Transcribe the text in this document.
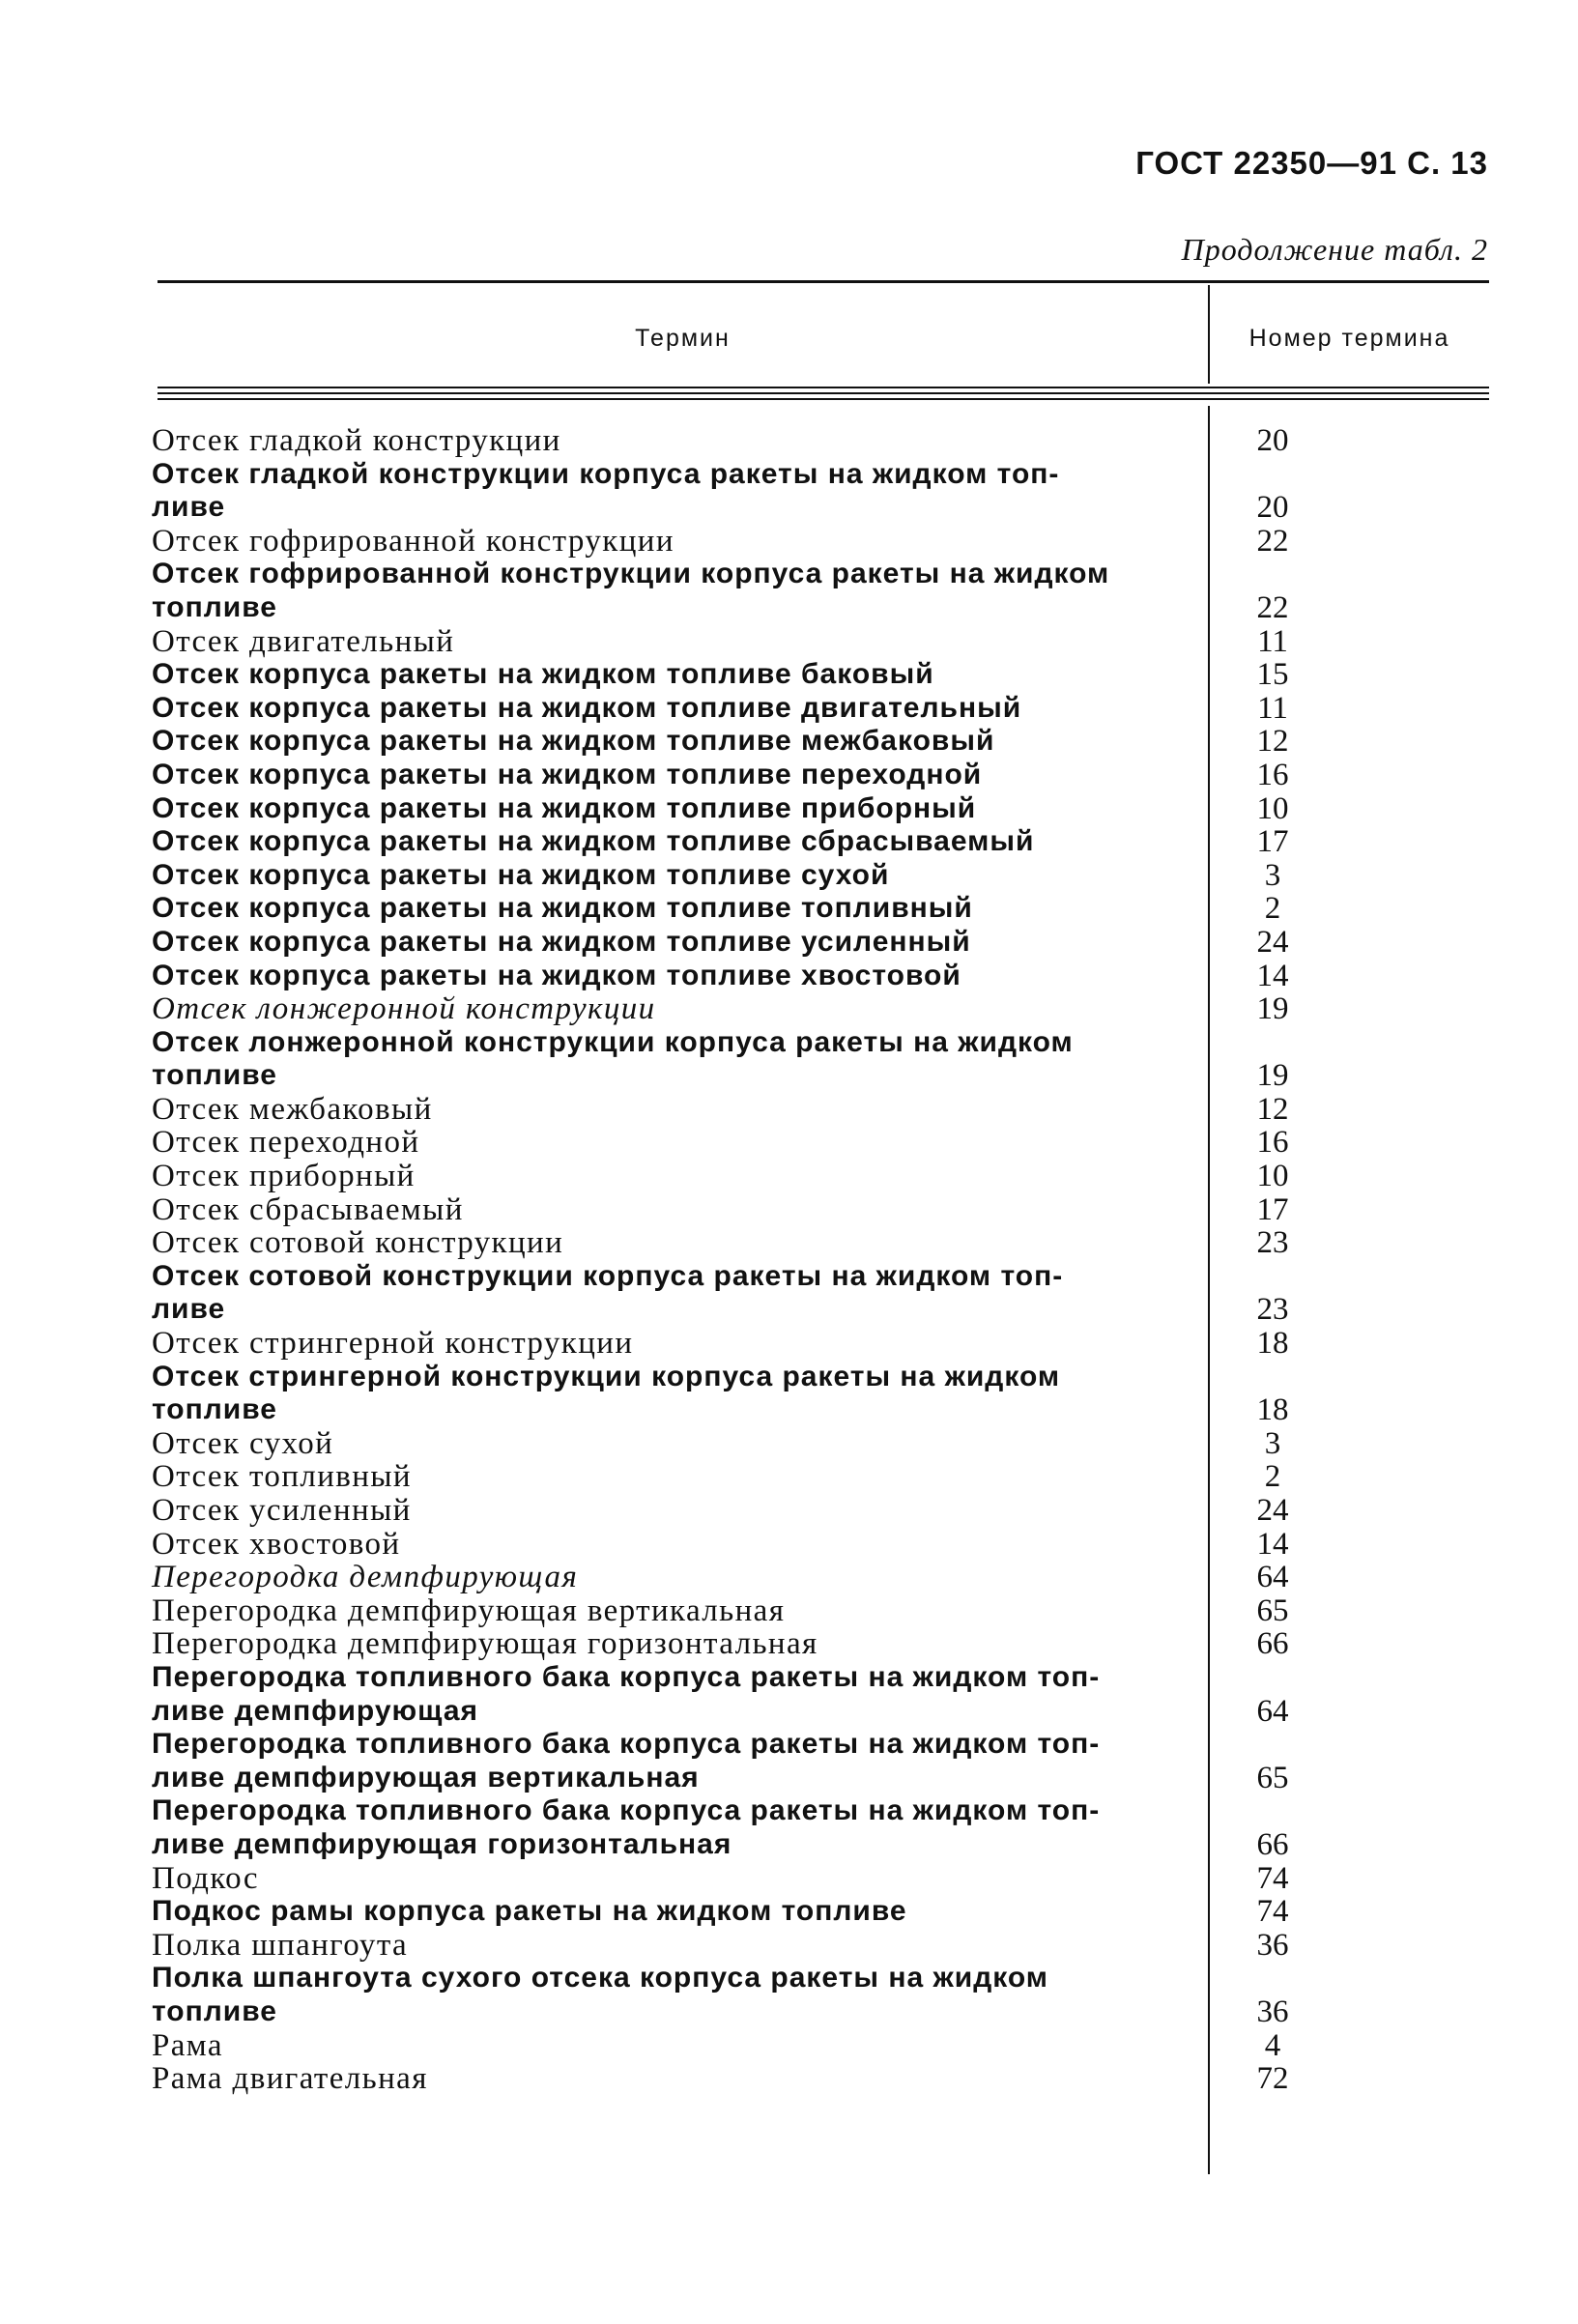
ГОСТ 22350—91 С. 13
Продолжение табл. 2
Термин	Номер термина
Отсек гладкой конструкции	20
Отсек гладкой конструкции корпуса ракеты на жидком топ-
ливе	20
Отсек гофрированной конструкции	22
Отсек гофрированной конструкции корпуса ракеты на жидком
топливе	22
Отсек двигательный	11
Отсек корпуса ракеты на жидком топливе баковый	15
Отсек корпуса ракеты на жидком топливе двигательный	11
Отсек корпуса ракеты на жидком топливе межбаковый	12
Отсек корпуса ракеты на жидком топливе переходной	16
Отсек корпуса ракеты на жидком топливе приборный	10
Отсек корпуса ракеты на жидком топливе сбрасываемый	17
Отсек корпуса ракеты на жидком топливе сухой	3
Отсек корпуса ракеты на жидком топливе топливный	2
Отсек корпуса ракеты на жидком топливе усиленный	24
Отсек корпуса ракеты на жидком топливе хвостовой	14
Отсек лонжеронной конструкции	19
Отсек лонжеронной конструкции корпуса ракеты на жидком
топливе	19
Отсек межбаковый	12
Отсек переходной	16
Отсек приборный	10
Отсек сбрасываемый	17
Отсек сотовой конструкции	23
Отсек сотовой конструкции корпуса ракеты на жидком топ-
ливе	23
Отсек стрингерной конструкции	18
Отсек стрингерной конструкции корпуса ракеты на жидком
топливе	18
Отсек сухой	3
Отсек топливный	2
Отсек усиленный	24
Отсек хвостовой	14
Перегородка демпфирующая	64
Перегородка демпфирующая вертикальная	65
Перегородка демпфирующая горизонтальная	66
Перегородка топливного бака корпуса ракеты на жидком топ-
ливе демпфирующая	64
Перегородка топливного бака корпуса ракеты на жидком топ-
ливе демпфирующая вертикальная	65
Перегородка топливного бака корпуса ракеты на жидком топ-
ливе демпфирующая горизонтальная	66
Подкос	74
Подкос рамы корпуса ракеты на жидком топливе	74
Полка шпангоута	36
Полка шпангоута сухого отсека корпуса ракеты на жидком
топливе	36
Рама	4
Рама двигательная	72
